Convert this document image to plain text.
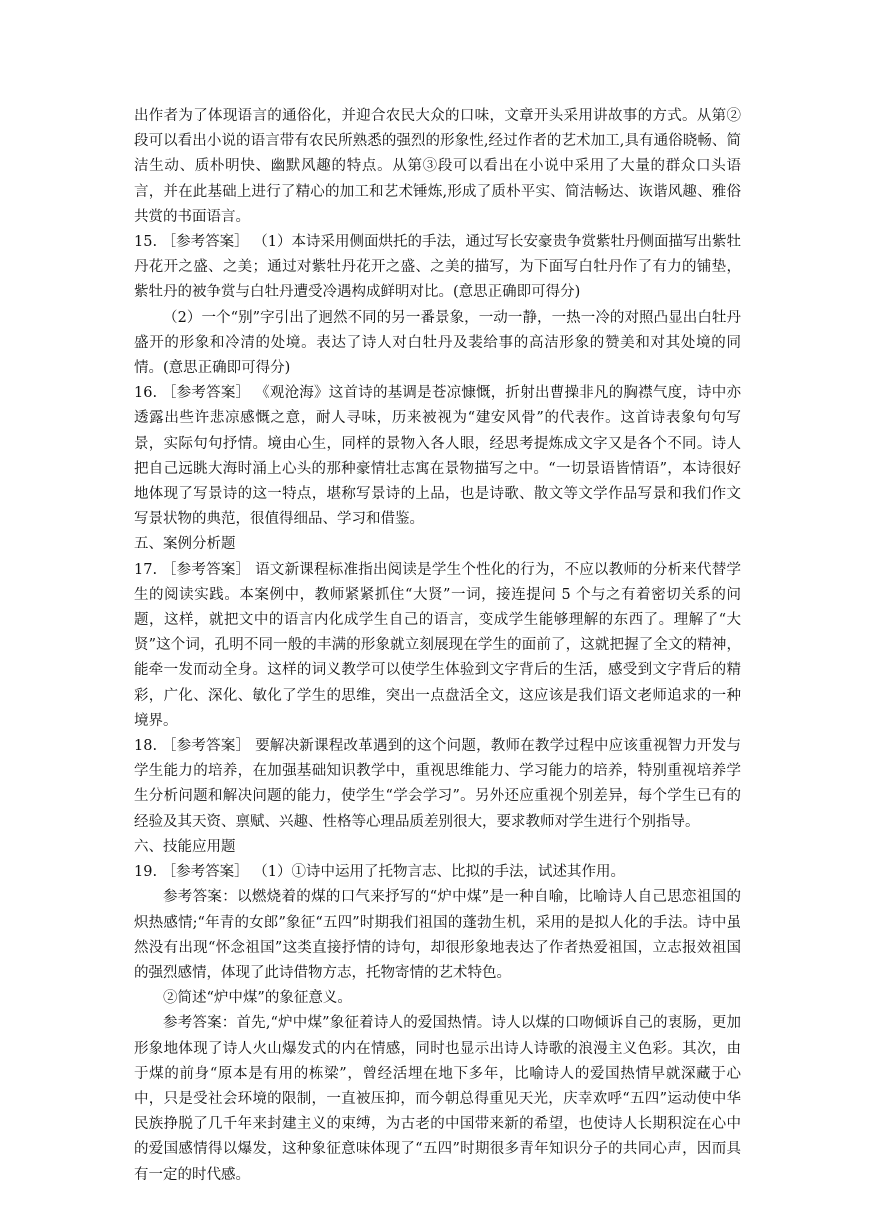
出作者为了体现语言的通俗化，并迎合农民大众的口味，文章开头采用讲故事的方式。从第②段可以看出小说的语言带有农民所熟悉的强烈的形象性,经过作者的艺术加工,具有通俗晓畅、简洁生动、质朴明快、幽默风趣的特点。从第③段可以看出在小说中采用了大量的群众口头语言，并在此基础上进行了精心的加工和艺术锤炼,形成了质朴平实、简洁畅达、诙谐风趣、雅俗共赏的书面语言。

15. ［参考答案］ （1）本诗采用侧面烘托的手法，通过写长安豪贵争赏紫牡丹侧面描写出紫牡丹花开之盛、之美；通过对紫牡丹花开之盛、之美的描写，为下面写白牡丹作了有力的铺垫，紫牡丹的被争赏与白牡丹遭受冷遇构成鲜明对比。(意思正确即可得分)

（2）一个“别”字引出了迥然不同的另一番景象，一动一静，一热一冷的对照凸显出白牡丹盛开的形象和冷清的处境。表达了诗人对白牡丹及裴给事的高洁形象的赞美和对其处境的同情。(意思正确即可得分)

16. ［参考答案］ 《观沧海》这首诗的基调是苍凉慷慨，折射出曹操非凡的胸襟气度，诗中亦透露出些许悲凉感慨之意，耐人寻味，历来被视为“建安风骨”的代表作。这首诗表象句句写景，实际句句抒情。境由心生，同样的景物入各人眼，经思考提炼成文字又是各个不同。诗人把自己远眺大海时涌上心头的那种豪情壮志寓在景物描写之中。“一切景语皆情语”，本诗很好地体现了写景诗的这一特点，堪称写景诗的上品，也是诗歌、散文等文学作品写景和我们作文写景状物的典范，很值得细品、学习和借鉴。

五、案例分析题

17. ［参考答案］ 语文新课程标准指出阅读是学生个性化的行为，不应以教师的分析来代替学生的阅读实践。本案例中，教师紧紧抓住“大贤”一词，接连提问 5 个与之有着密切关系的问题，这样，就把文中的语言内化成学生自己的语言，变成学生能够理解的东西了。理解了“大贤”这个词，孔明不同一般的丰满的形象就立刻展现在学生的面前了，这就把握了全文的精神，能牵一发而动全身。这样的词义教学可以使学生体验到文字背后的生活，感受到文字背后的精彩，广化、深化、敏化了学生的思维，突出一点盘活全文，这应该是我们语文老师追求的一种境界。

18. ［参考答案］ 要解决新课程改革遇到的这个问题，教师在教学过程中应该重视智力开发与学生能力的培养，在加强基础知识教学中，重视思维能力、学习能力的培养，特别重视培养学生分析问题和解决问题的能力，使学生“学会学习”。另外还应重视个别差异，每个学生已有的经验及其天资、禀赋、兴趣、性格等心理品质差别很大，要求教师对学生进行个别指导。

六、技能应用题

19. ［参考答案］ （1）①诗中运用了托物言志、比拟的手法，试述其作用。

参考答案：以燃烧着的煤的口气来抒写的“炉中煤”是一种自喻，比喻诗人自己思恋祖国的炽热感情;“年青的女郎”象征“五四”时期我们祖国的蓬勃生机，采用的是拟人化的手法。诗中虽然没有出现“怀念祖国”这类直接抒情的诗句，却很形象地表达了作者热爱祖国，立志报效祖国的强烈感情，体现了此诗借物方志，托物寄情的艺术特色。

②简述“炉中煤”的象征意义。

参考答案：首先,“炉中煤”象征着诗人的爱国热情。诗人以煤的口吻倾诉自己的衷肠，更加形象地体现了诗人火山爆发式的内在情感，同时也显示出诗人诗歌的浪漫主义色彩。其次，由于煤的前身“原本是有用的栋梁”，曾经活埋在地下多年，比喻诗人的爱国热情早就深藏于心中，只是受社会环境的限制，一直被压抑，而今朝总得重见天光，庆幸欢呼“五四”运动使中华民族挣脱了几千年来封建主义的束缚，为古老的中国带来新的希望，也使诗人长期积淀在心中的爱国感情得以爆发，这种象征意味体现了“五四”时期很多青年知识分子的共同心声，因而具有一定的时代感。
